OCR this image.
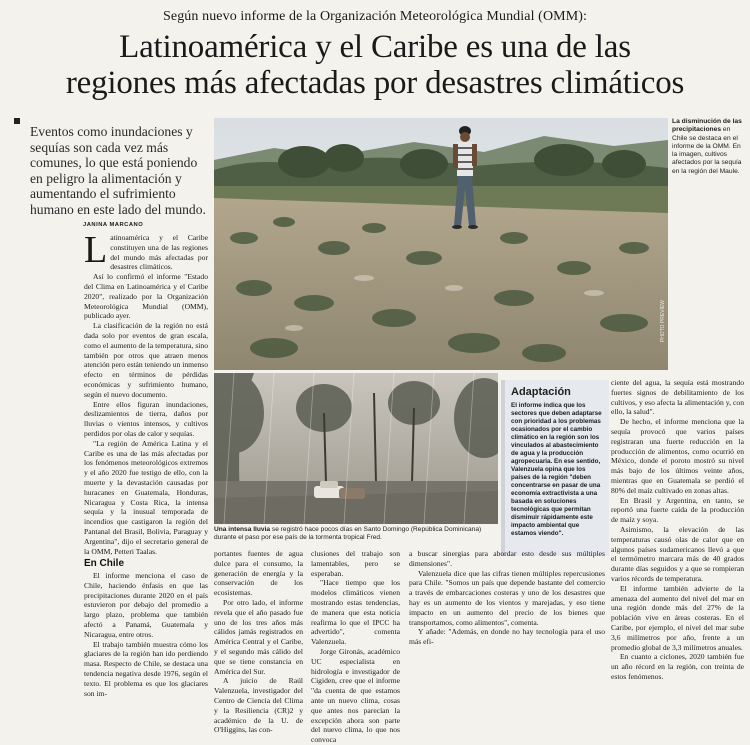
Según nuevo informe de la Organización Meteorológica Mundial (OMM):
Latinoamérica y el Caribe es una de las
regiones más afectadas por desastres climáticos
Eventos como inundaciones y sequías son cada vez más comunes, lo que está poniendo en peligro la alimentación y aumentando el sufrimiento humano en este lado del mundo.
JANINA MARCANO

Latinoamérica y el Caribe constituyen una de las regiones del mundo más afectadas por desastres climáticos.

Así lo confirmó el informe "Estado del Clima en Latinoamérica y el Caribe 2020", realizado por la Organización Meteorológica Mundial (OMM), publicado ayer.

La clasificación de la región no está dada solo por eventos de gran escala, como el aumento de la temperatura, sino también por otros que atraen menos atención pero están teniendo un inmenso efecto en términos de pérdidas económicas y sufrimiento humano, según el nuevo documento.

Entre ellos figuran inundaciones, deslizamientos de tierra, daños por lluvias o vientos intensos, y cultivos perdidos por olas de calor y sequías.

"La región de América Latina y el Caribe es una de las más afectadas por los fenómenos meteorológicos extremos y el año 2020 fue testigo de ello, con la muerte y la devastación causadas por huracanes en Guatemala, Honduras, Nicaragua y Costa Rica, la intensa sequía y la inusual temporada de incendios que castigaron la región del Pantanal del Brasil, Bolivia, Paraguay y Argentina", dijo el secretario general de la OMM, Petteri Taalas.

En Chile

El informe menciona el caso de Chile, haciendo énfasis en que las precipitaciones durante 2020 en el país estuvieron por debajo del promedio a largo plazo, problema que también afectó a Panamá, Guatemala y Nicaragua, entre otros.

El trabajo también muestra cómo los glaciares de la región han ido perdiendo masa. Respecto de Chile, se destaca una tendencia negativa desde 1976, según el texto. El problema es que los glaciares son im-

PHOTO PREVIEW
La disminución de las precipitaciones en Chile se destaca en el informe de la OMM. En la imagen, cultivos afectados por la sequía en la región del Maule.
Una intensa lluvia se registró hace pocos días en Santo Domingo (República Dominicana) durante el paso por ese país de la tormenta tropical Fred.

portantes fuentes de agua dulce para el consumo, la generación de energía y la conservación de los ecosistemas.

Por otro lado, el informe revela que el año pasado fue uno de los tres años más cálidos jamás registrados en América Central y el Caribe, y el segundo más cálido del que se tiene constancia en América del Sur.

A juicio de Raúl Valenzuela, investigador del Centro de Ciencia del Clima y la Resiliencia (CR)2 y académico de la U. de O'Higgins, las con-

clusiones del trabajo son lamentables, pero se esperaban.

"Hace tiempo que los modelos climáticos vienen mostrando estas tendencias, de manera que esta noticia reafirma lo que el IPCC ha advertido", comenta Valenzuela.

Jorge Gironás, académico UC especialista en hidrología e investigador de Cigiden, cree que el informe "da cuenta de que estamos ante un nuevo clima, cosas que antes nos parecían la excepción ahora son parte del nuevo clima, lo que nos convoca

Adaptación
El informe indica que los sectores que deben adaptarse con prioridad a los problemas ocasionados por el cambio climático en la región son los vinculados al abastecimiento de agua y la producción agropecuaria. En ese sentido, Valenzuela opina que los países de la región "deben concentrarse en pasar de una economía extractivista a una basada en soluciones tecnológicas que permitan disminuir rápidamente este impacto ambiental que estamos viendo".

a buscar sinergias para abordar esto desde sus múltiples dimensiones".

Valenzuela dice que las cifras tienen múltiples repercusiones para Chile. "Somos un país que depende bastante del comercio a través de embarcaciones costeras y uno de los desastres que hay es un aumento de los vientos y marejadas, y eso tiene impacto en un aumento del precio de los bienes que transportamos, como alimentos", comenta.

Y añade: "Además, en donde no hay tecnología para el uso más efi-

ciente del agua, la sequía está mostrando fuertes signos de debilitamiento de los cultivos, y eso afecta la alimentación y, con ello, la salud".

De hecho, el informe menciona que la sequía provocó que varios países registraran una fuerte reducción en la producción de alimentos, como ocurrió en México, donde el poroto mostró su nivel más bajo de los últimos veinte años, mientras que en Guatemala se perdió el 80% del maíz cultivado en zonas altas.

En Brasil y Argentina, en tanto, se reportó una fuerte caída de la producción de maíz y soya.

Asimismo, la elevación de las temperaturas causó olas de calor que en algunos países sudamericanos llevó a que el termómetro marcara más de 40 grados durante días seguidos y a que se rompieran varios récords de temperatura.

El informe también advierte de la amenaza del aumento del nivel del mar en una región donde más del 27% de la población vive en áreas costeras. En el Caribe, por ejemplo, el nivel del mar sube 3,6 milímetros por año, frente a un promedio global de 3,3 milímetros anuales.

En cuanto a ciclones, 2020 también fue un año récord en la región, con treinta de estos fenómenos.
